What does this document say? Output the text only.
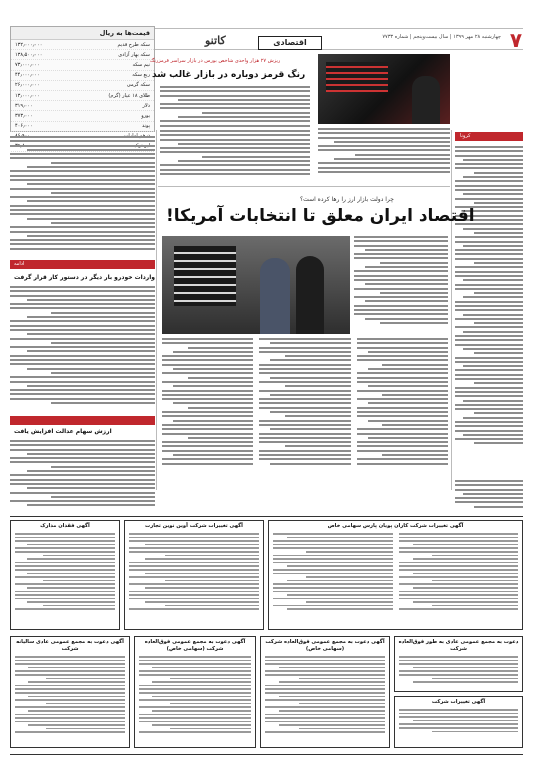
۷
چهارشنبه ۲۸ مهر ۱۳۹۹ | سال بیست‌وپنجم | شماره ۷۷۳۳
اقتصادی
کاتنو
قیمت‌ها به ریال
سکه طرح قدیم
۱۳۲٫۰۰۰٫۰۰۰
سکه بهار آزادی
۱۳۸٫۵۰۰٫۰۰۰
نیم سکه
۷۳٫۰۰۰٫۰۰۰
ربع سکه
۴۴٫۰۰۰٫۰۰۰
سکه گرمی
۲۶٫۰۰۰٫۰۰۰
طلای ۱۸ عیار (گرم)
۱۳٫۰۰۰٫۰۰۰
دلار
۳۱۹٫۰۰۰
یورو
۳۷۳٫۰۰۰
پوند
۴۰۶٫۰۰۰
ریزش ۲۷ هزار واحدی شاخص بورس در بازار سراسر قرمزرنگ
رنگ قرمز دوباره در بازار غالب شد
کرونا
چرا دولت بازار ارز را رها کرده است؟
اقتصاد ایران معلق تا انتخابات آمریکا!
ادامه
واردات خودرو بار دیگر در دستور کار قرار گرفت
ارزش سهام عدالت افزایش یافت
آگهی فقدان مدارک	آگهی تغییرات شرکت آوین نوین تجارت	آگهی تغییرات شرکت کاران پویان پارس سهامی خاص
آگهی دعوت به مجمع عمومی عادی سالیانه شرکت
آگهی دعوت به مجمع عمومی فوق‌العاده شرکت (سهامی خاص)
آگهی دعوت به مجمع عمومی فوق‌العاده شرکت (سهامی خاص)
دعوت به مجمع عمومی عادی به طور فوق‌العاده شرکت
آگهی تغییرات شرکت
